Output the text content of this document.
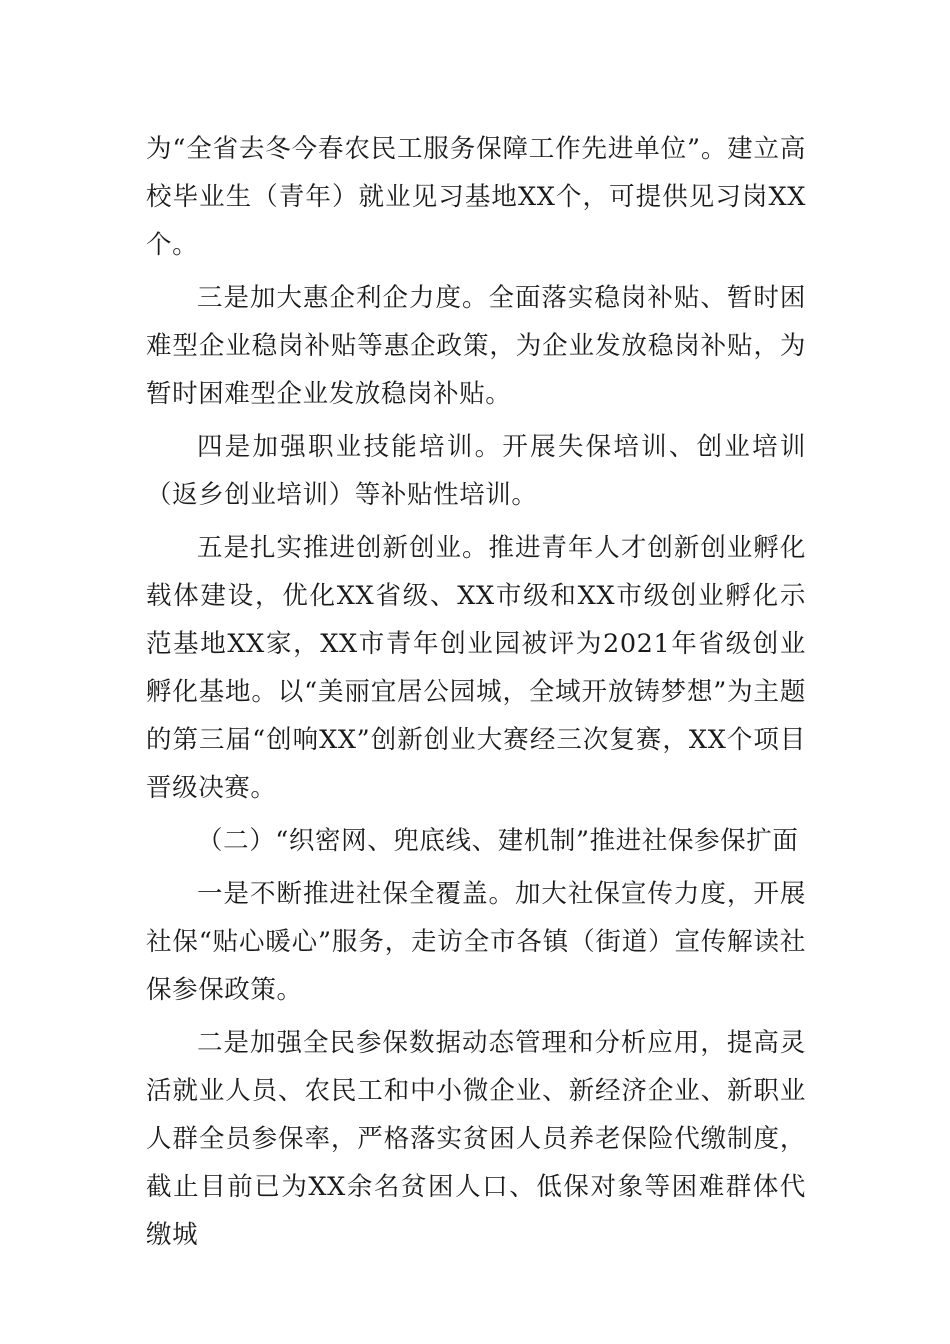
为“全省去冬今春农民工服务保障工作先进单位”。建立高校毕业生（青年）就业见习基地XX个，可提供见习岗XX个。

三是加大惠企利企力度。全面落实稳岗补贴、暂时困难型企业稳岗补贴等惠企政策，为企业发放稳岗补贴，为暂时困难型企业发放稳岗补贴。

四是加强职业技能培训。开展失保培训、创业培训（返乡创业培训）等补贴性培训。

五是扎实推进创新创业。推进青年人才创新创业孵化载体建设，优化XX省级、XX市级和XX市级创业孵化示范基地XX家，XX市青年创业园被评为2021年省级创业孵化基地。以“美丽宜居公园城，全域开放铸梦想”为主题的第三届“创响XX”创新创业大赛经三次复赛，XX个项目晋级决赛。

（二）“织密网、兜底线、建机制”推进社保参保扩面

一是不断推进社保全覆盖。加大社保宣传力度，开展社保“贴心暖心”服务，走访全市各镇（街道）宣传解读社保参保政策。

二是加强全民参保数据动态管理和分析应用，提高灵活就业人员、农民工和中小微企业、新经济企业、新职业人群全员参保率，严格落实贫困人员养老保险代缴制度，截止目前已为XX余名贫困人口、低保对象等困难群体代缴城
